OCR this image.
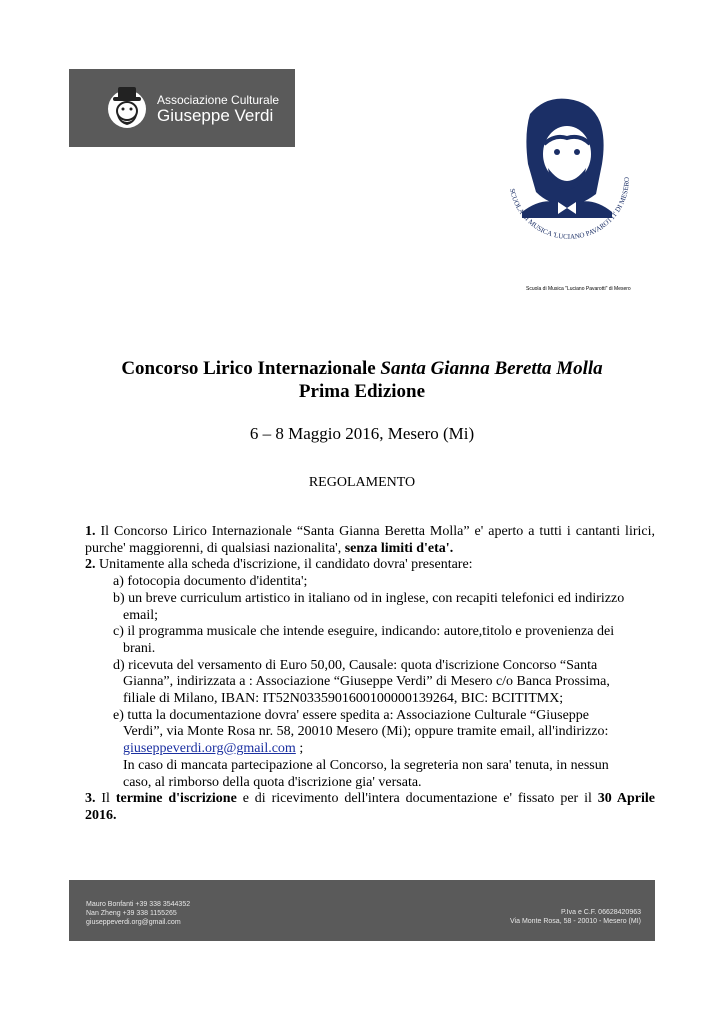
Associazione Culturale
Giuseppe Verdi
SCUOLA DI MUSICA 'LUCIANO PAVAROTTI' DI MESERO
Scuola di Musica "Luciano Pavarotti" di Mesero
Concorso Lirico Internazionale Santa Gianna Beretta Molla
Prima Edizione
6 – 8 Maggio 2016, Mesero (Mi)
REGOLAMENTO

1. Il Concorso Lirico Internazionale “Santa Gianna Beretta Molla” e' aperto a tutti i cantanti lirici, purche' maggiorenni, di qualsiasi nazionalita', senza limiti d'eta'.

2. Unitamente alla scheda d'iscrizione, il candidato dovra' presentare:

a) fotocopia documento d'identita';
b) un breve curriculum artistico in italiano od in inglese, con recapiti telefonici ed indirizzo
email;
c) il programma musicale che intende eseguire, indicando: autore,titolo e provenienza dei
brani.
d) ricevuta del versamento di Euro 50,00, Causale: quota d'iscrizione Concorso “Santa
Gianna”, indirizzata a : Associazione “Giuseppe Verdi” di Mesero c/o Banca Prossima,
filiale di Milano, IBAN: IT52N0335901600100000139264, BIC: BCITITMX;
e) tutta la documentazione dovra' essere spedita a: Associazione Culturale “Giuseppe
Verdi”, via Monte Rosa nr. 58, 20010 Mesero (Mi); oppure tramite email, all'indirizzo:
giuseppeverdi.org@gmail.com ;
In caso di mancata partecipazione al Concorso, la segreteria non sara' tenuta, in nessun
caso, al rimborso della quota d'iscrizione gia' versata.

3. Il termine d'iscrizione e di ricevimento dell'intera documentazione e' fissato per il 30 Aprile 2016.

Mauro Bonfanti +39 338 3544352
Nan Zheng +39 338 1155265
giuseppeverdi.org@gmail.com
P.Iva e C.F. 06628420963
Via Monte Rosa, 58 - 20010 - Mesero (MI)
